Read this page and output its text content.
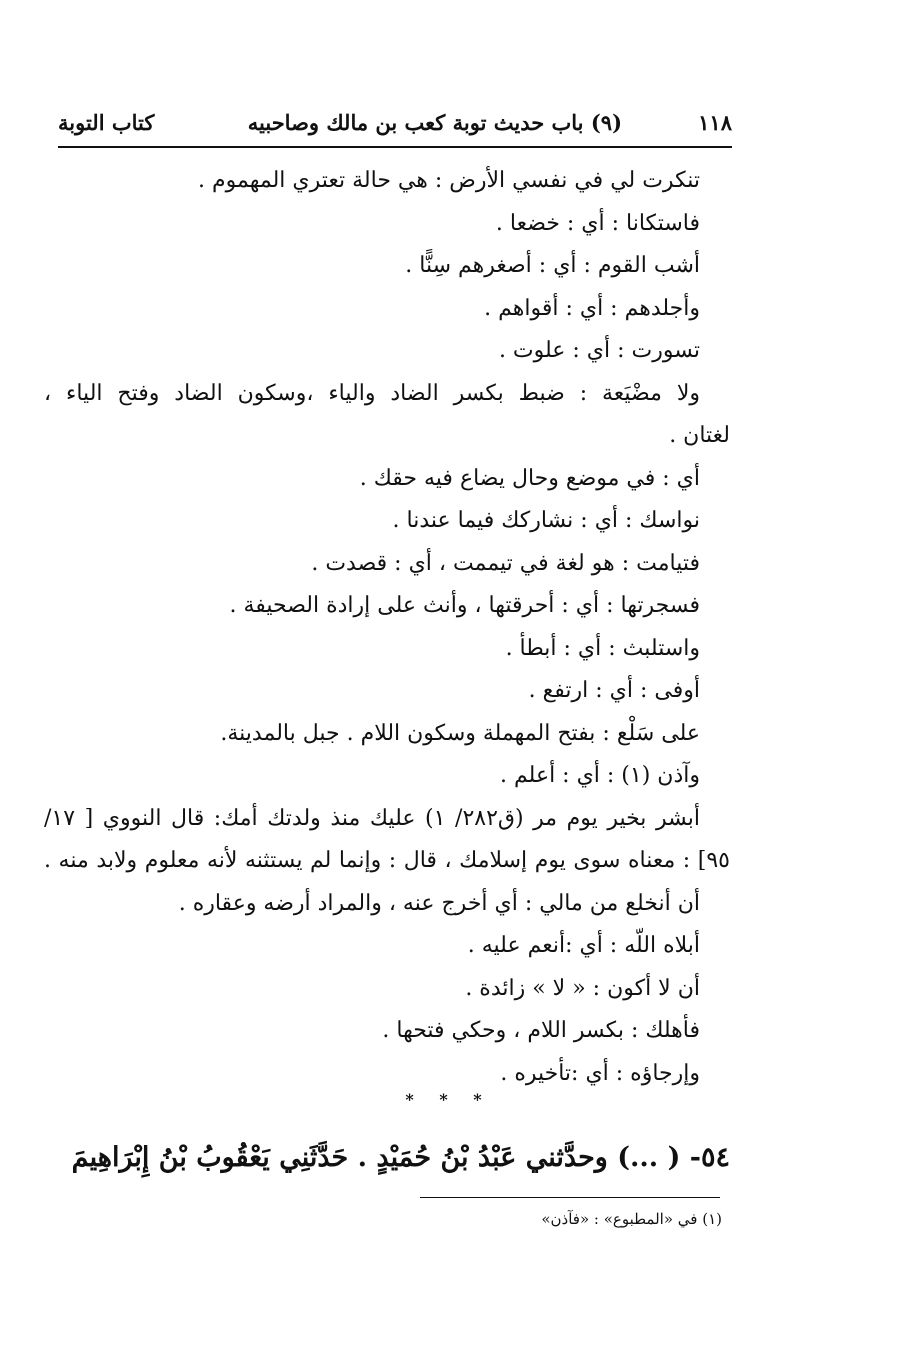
١١٨
(٩) باب حديث توبة كعب بن مالك وصاحبيه
كتاب التوبة
تنكرت لي في نفسي الأرض : هي حالة تعتري المهموم .
فاستكانا : أي : خضعا .
أشب القوم : أي : أصغرهم سِنًّا .
وأجلدهم : أي : أقواهم .
تسورت : أي : علوت .
ولا مضْيَعة : ضبط بكسر الضاد والياء ،وسكون الضاد وفتح الياء ،
لغتان .
أي : في موضع وحال يضاع فيه حقك .
نواسك : أي : نشاركك فيما عندنا .
فتيامت : هو لغة في تيممت ، أي : قصدت .
فسجرتها : أي : أحرقتها ، وأنث على إرادة الصحيفة .
واستلبث : أي : أبطأ .
أوفى : أي : ارتفع .
على سَلْع : بفتح المهملة وسكون اللام . جبل بالمدينة.
وآذن (١) : أي : أعلم .
أبشر بخير يوم مر (ق٢٨٢/ ١) عليك منذ ولدتك أمك: قال النووي [ ١٧/
٩٥] : معناه سوى يوم إسلامك ، قال : وإنما لم يستثنه لأنه معلوم ولابد منه .
أن أنخلع من مالي : أي أخرج عنه ، والمراد أرضه وعقاره .
أبلاه اللّه : أي :أنعم عليه .
أن لا أكون : « لا » زائدة .
فأهلك : بكسر اللام ، وحكي فتحها .
وإرجاؤه : أي :تأخيره .
* * *
٥٤- ( ...) وحدَّثني عَبْدُ بْنُ حُمَيْدٍ . حَدَّثَنِي يَعْقُوبُ بْنُ إِبْرَاهِيمَ
(١) في «المطبوع» : «فآذن»
